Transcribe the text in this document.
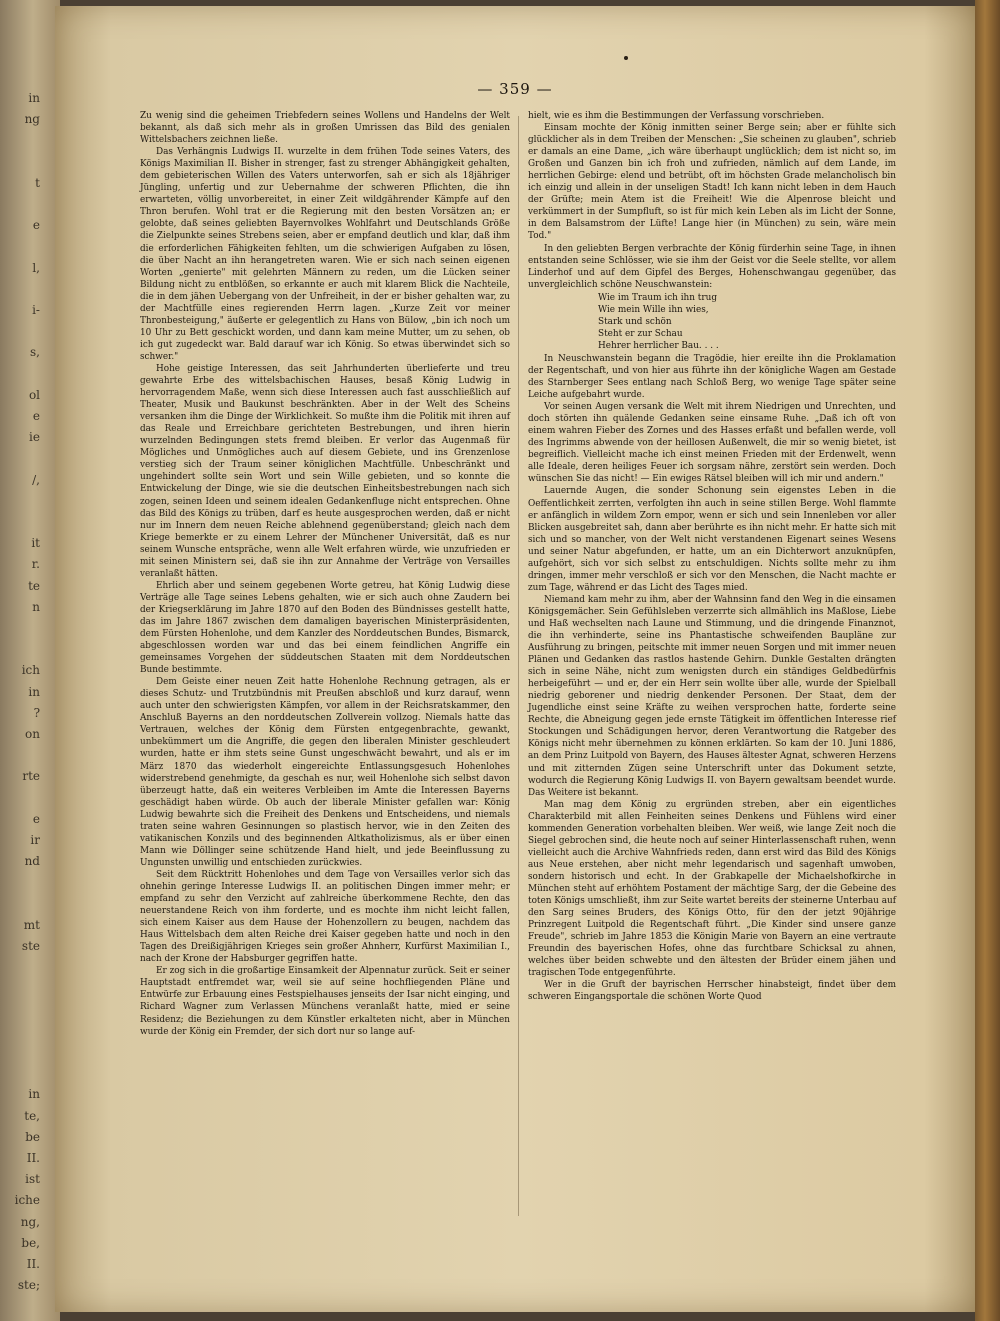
in
ng
t
e
l,
i-
s,
ol
e
ie
/,
it
r.
te
n
ich
in
?
on
rte
e
ir
nd
mt
ste
in
te,
be
II.
ist
iche
ng,
be,
II.
ste;
— 359 —

Zu wenig sind die geheimen Triebfedern seines Wollens und Handelns der Welt bekannt, als daß sich mehr als in großen Umrissen das Bild des genialen Wittelsbachers zeichnen ließe.

Das Verhängnis Ludwigs II. wurzelte in dem frühen Tode seines Vaters, des Königs Maximilian II. Bisher in strenger, fast zu strenger Abhängigkeit gehalten, dem gebieterischen Willen des Vaters unterworfen, sah er sich als 18jähriger Jüngling, unfertig und zur Uebernahme der schweren Pflichten, die ihn erwarteten, völlig unvorbereitet, in einer Zeit wildgährender Kämpfe auf den Thron berufen. Wohl trat er die Regierung mit den besten Vorsätzen an; er gelobte, daß seines geliebten Bayernvolkes Wohlfahrt und Deutschlands Größe die Zielpunkte seines Strebens seien, aber er empfand deutlich und klar, daß ihm die erforderlichen Fähigkeiten fehlten, um die schwierigen Aufgaben zu lösen, die über Nacht an ihn herangetreten waren. Wie er sich nach seinen eigenen Worten „genierte" mit gelehrten Männern zu reden, um die Lücken seiner Bildung nicht zu entblößen, so erkannte er auch mit klarem Blick die Nachteile, die in dem jähen Uebergang von der Unfreiheit, in der er bisher gehalten war, zu der Machtfülle eines regierenden Herrn lagen. „Kurze Zeit vor meiner Thronbesteigung," äußerte er gelegentlich zu Hans von Bülow, „bin ich noch um 10 Uhr zu Bett geschickt worden, und dann kam meine Mutter, um zu sehen, ob ich gut zugedeckt war. Bald darauf war ich König. So etwas überwindet sich so schwer."

Hohe geistige Interessen, das seit Jahrhunderten überlieferte und treu gewahrte Erbe des wittelsbachischen Hauses, besaß König Ludwig in hervorragendem Maße, wenn sich diese Interessen auch fast ausschließlich auf Theater, Musik und Baukunst beschränkten. Aber in der Welt des Scheins versanken ihm die Dinge der Wirklichkeit. So mußte ihm die Politik mit ihren auf das Reale und Erreichbare gerichteten Bestrebungen, und ihren hierin wurzelnden Bedingungen stets fremd bleiben. Er verlor das Augenmaß für Mögliches und Unmögliches auch auf diesem Gebiete, und ins Grenzenlose verstieg sich der Traum seiner königlichen Machtfülle. Unbeschränkt und ungehindert sollte sein Wort und sein Wille gebieten, und so konnte die Entwickelung der Dinge, wie sie die deutschen Einheitsbestrebungen nach sich zogen, seinen Ideen und seinem idealen Gedankenfluge nicht entsprechen. Ohne das Bild des Königs zu trüben, darf es heute ausgesprochen werden, daß er nicht nur im Innern dem neuen Reiche ablehnend gegenüberstand; gleich nach dem Kriege bemerkte er zu einem Lehrer der Münchener Universität, daß es nur seinem Wunsche entspräche, wenn alle Welt erfahren würde, wie unzufrieden er mit seinen Ministern sei, daß sie ihn zur Annahme der Verträge von Versailles veranlaßt hätten.

Ehrlich aber und seinem gegebenen Worte getreu, hat König Ludwig diese Verträge alle Tage seines Lebens gehalten, wie er sich auch ohne Zaudern bei der Kriegserklärung im Jahre 1870 auf den Boden des Bündnisses gestellt hatte, das im Jahre 1867 zwischen dem damaligen bayerischen Ministerpräsidenten, dem Fürsten Hohenlohe, und dem Kanzler des Norddeutschen Bundes, Bismarck, abgeschlossen worden war und das bei einem feindlichen Angriffe ein gemeinsames Vorgehen der süddeutschen Staaten mit dem Norddeutschen Bunde bestimmte.

Dem Geiste einer neuen Zeit hatte Hohenlohe Rechnung getragen, als er dieses Schutz- und Trutzbündnis mit Preußen abschloß und kurz darauf, wenn auch unter den schwierigsten Kämpfen, vor allem in der Reichsratskammer, den Anschluß Bayerns an den norddeutschen Zollverein vollzog. Niemals hatte das Vertrauen, welches der König dem Fürsten entgegenbrachte, gewankt, unbekümmert um die Angriffe, die gegen den liberalen Minister geschleudert wurden, hatte er ihm stets seine Gunst ungeschwächt bewahrt, und als er im März 1870 das wiederholt eingereichte Entlassungsgesuch Hohenlohes widerstrebend genehmigte, da geschah es nur, weil Hohenlohe sich selbst davon überzeugt hatte, daß ein weiteres Verbleiben im Amte die Interessen Bayerns geschädigt haben würde. Ob auch der liberale Minister gefallen war: König Ludwig bewahrte sich die Freiheit des Denkens und Entscheidens, und niemals traten seine wahren Gesinnungen so plastisch hervor, wie in den Zeiten des vatikanischen Konzils und des beginnenden Altkatholizismus, als er über einen Mann wie Döllinger seine schützende Hand hielt, und jede Beeinflussung zu Ungunsten unwillig und entschieden zurückwies.

Seit dem Rücktritt Hohenlohes und dem Tage von Versailles verlor sich das ohnehin geringe Interesse Ludwigs II. an politischen Dingen immer mehr; er empfand zu sehr den Verzicht auf zahlreiche überkommene Rechte, den das neuerstandene Reich von ihm forderte, und es mochte ihm nicht leicht fallen, sich einem Kaiser aus dem Hause der Hohenzollern zu beugen, nachdem das Haus Wittelsbach dem alten Reiche drei Kaiser gegeben hatte und noch in den Tagen des Dreißigjährigen Krieges sein großer Ahnherr, Kurfürst Maximilian I., nach der Krone der Habsburger gegriffen hatte.

Er zog sich in die großartige Einsamkeit der Alpennatur zurück. Seit er seiner Hauptstadt entfremdet war, weil sie auf seine hochfliegenden Pläne und Entwürfe zur Erbauung eines Festspielhauses jenseits der Isar nicht einging, und Richard Wagner zum Verlassen Münchens veranlaßt hatte, mied er seine Residenz; die Beziehungen zu dem Künstler erkalteten nicht, aber in München wurde der König ein Fremder, der sich dort nur so lange auf-

hielt, wie es ihm die Bestimmungen der Verfassung vorschrieben.

Einsam mochte der König inmitten seiner Berge sein; aber er fühlte sich glücklicher als in dem Treiben der Menschen: „Sie scheinen zu glauben", schrieb er damals an eine Dame, „ich wäre überhaupt unglücklich; dem ist nicht so, im Großen und Ganzen bin ich froh und zufrieden, nämlich auf dem Lande, im herrlichen Gebirge: elend und betrübt, oft im höchsten Grade melancholisch bin ich einzig und allein in der unseligen Stadt! Ich kann nicht leben in dem Hauch der Grüfte; mein Atem ist die Freiheit! Wie die Alpenrose bleicht und verkümmert in der Sumpfluft, so ist für mich kein Leben als im Licht der Sonne, in dem Balsamstrom der Lüfte! Lange hier (in München) zu sein, wäre mein Tod."

In den geliebten Bergen verbrachte der König fürderhin seine Tage, in ihnen entstanden seine Schlösser, wie sie ihm der Geist vor die Seele stellte, vor allem Linderhof und auf dem Gipfel des Berges, Hohenschwangau gegenüber, das unvergleichlich schöne Neuschwanstein:

Wie im Traum ich ihn trug
Wie mein Wille ihn wies,
Stark und schön
Steht er zur Schau
Hehrer herrlicher Bau. . . .

In Neuschwanstein begann die Tragödie, hier ereilte ihn die Proklamation der Regentschaft, und von hier aus führte ihn der königliche Wagen am Gestade des Starnberger Sees entlang nach Schloß Berg, wo wenige Tage später seine Leiche aufgebahrt wurde.

Vor seinen Augen versank die Welt mit ihrem Niedrigen und Unrechten, und doch störten ihn quälende Gedanken seine einsame Ruhe. „Daß ich oft von einem wahren Fieber des Zornes und des Hasses erfaßt und befallen werde, voll des Ingrimms abwende von der heillosen Außenwelt, die mir so wenig bietet, ist begreiflich. Vielleicht mache ich einst meinen Frieden mit der Erdenwelt, wenn alle Ideale, deren heiliges Feuer ich sorgsam nähre, zerstört sein werden. Doch wünschen Sie das nicht! — Ein ewiges Rätsel bleiben will ich mir und andern."

Lauernde Augen, die sonder Schonung sein eigenstes Leben in die Oeffentlichkeit zerrten, verfolgten ihn auch in seine stillen Berge. Wohl flammte er anfänglich in wildem Zorn empor, wenn er sich und sein Innenleben vor aller Blicken ausgebreitet sah, dann aber berührte es ihn nicht mehr. Er hatte sich mit sich und so mancher, von der Welt nicht verstandenen Eigenart seines Wesens und seiner Natur abgefunden, er hatte, um an ein Dichterwort anzuknüpfen, aufgehört, sich vor sich selbst zu entschuldigen. Nichts sollte mehr zu ihm dringen, immer mehr verschloß er sich vor den Menschen, die Nacht machte er zum Tage, während er das Licht des Tages mied.

Niemand kam mehr zu ihm, aber der Wahnsinn fand den Weg in die einsamen Königsgemächer. Sein Gefühlsleben verzerrte sich allmählich ins Maßlose, Liebe und Haß wechselten nach Laune und Stimmung, und die dringende Finanznot, die ihn verhinderte, seine ins Phantastische schweifenden Baupläne zur Ausführung zu bringen, peitschte mit immer neuen Sorgen und mit immer neuen Plänen und Gedanken das rastlos hastende Gehirn. Dunkle Gestalten drängten sich in seine Nähe, nicht zum wenigsten durch ein ständiges Geldbedürfnis herbeigeführt — und er, der ein Herr sein wollte über alle, wurde der Spielball niedrig geborener und niedrig denkender Personen. Der Staat, dem der Jugendliche einst seine Kräfte zu weihen versprochen hatte, forderte seine Rechte, die Abneigung gegen jede ernste Tätigkeit im öffentlichen Interesse rief Stockungen und Schädigungen hervor, deren Verantwortung die Ratgeber des Königs nicht mehr übernehmen zu können erklärten. So kam der 10. Juni 1886, an dem Prinz Luitpold von Bayern, des Hauses ältester Agnat, schweren Herzens und mit zitternden Zügen seine Unterschrift unter das Dokument setzte, wodurch die Regierung König Ludwigs II. von Bayern gewaltsam beendet wurde. Das Weitere ist bekannt.

Man mag dem König zu ergründen streben, aber ein eigentliches Charakterbild mit allen Feinheiten seines Denkens und Fühlens wird einer kommenden Generation vorbehalten bleiben. Wer weiß, wie lange Zeit noch die Siegel gebrochen sind, die heute noch auf seiner Hinterlassenschaft ruhen, wenn vielleicht auch die Archive Wahnfrieds reden, dann erst wird das Bild des Königs aus Neue erstehen, aber nicht mehr legendarisch und sagenhaft umwoben, sondern historisch und echt. In der Grabkapelle der Michaelshofkirche in München steht auf erhöhtem Postament der mächtige Sarg, der die Gebeine des toten Königs umschließt, ihm zur Seite wartet bereits der steinerne Unterbau auf den Sarg seines Bruders, des Königs Otto, für den der jetzt 90jährige Prinzregent Luitpold die Regentschaft führt. „Die Kinder sind unsere ganze Freude", schrieb im Jahre 1853 die Königin Marie von Bayern an eine vertraute Freundin des bayerischen Hofes, ohne das furchtbare Schicksal zu ahnen, welches über beiden schwebte und den ältesten der Brüder einem jähen und tragischen Tode entgegenführte.

Wer in die Gruft der bayrischen Herrscher hinabsteigt, findet über dem schweren Eingangsportale die schönen Worte Quod
